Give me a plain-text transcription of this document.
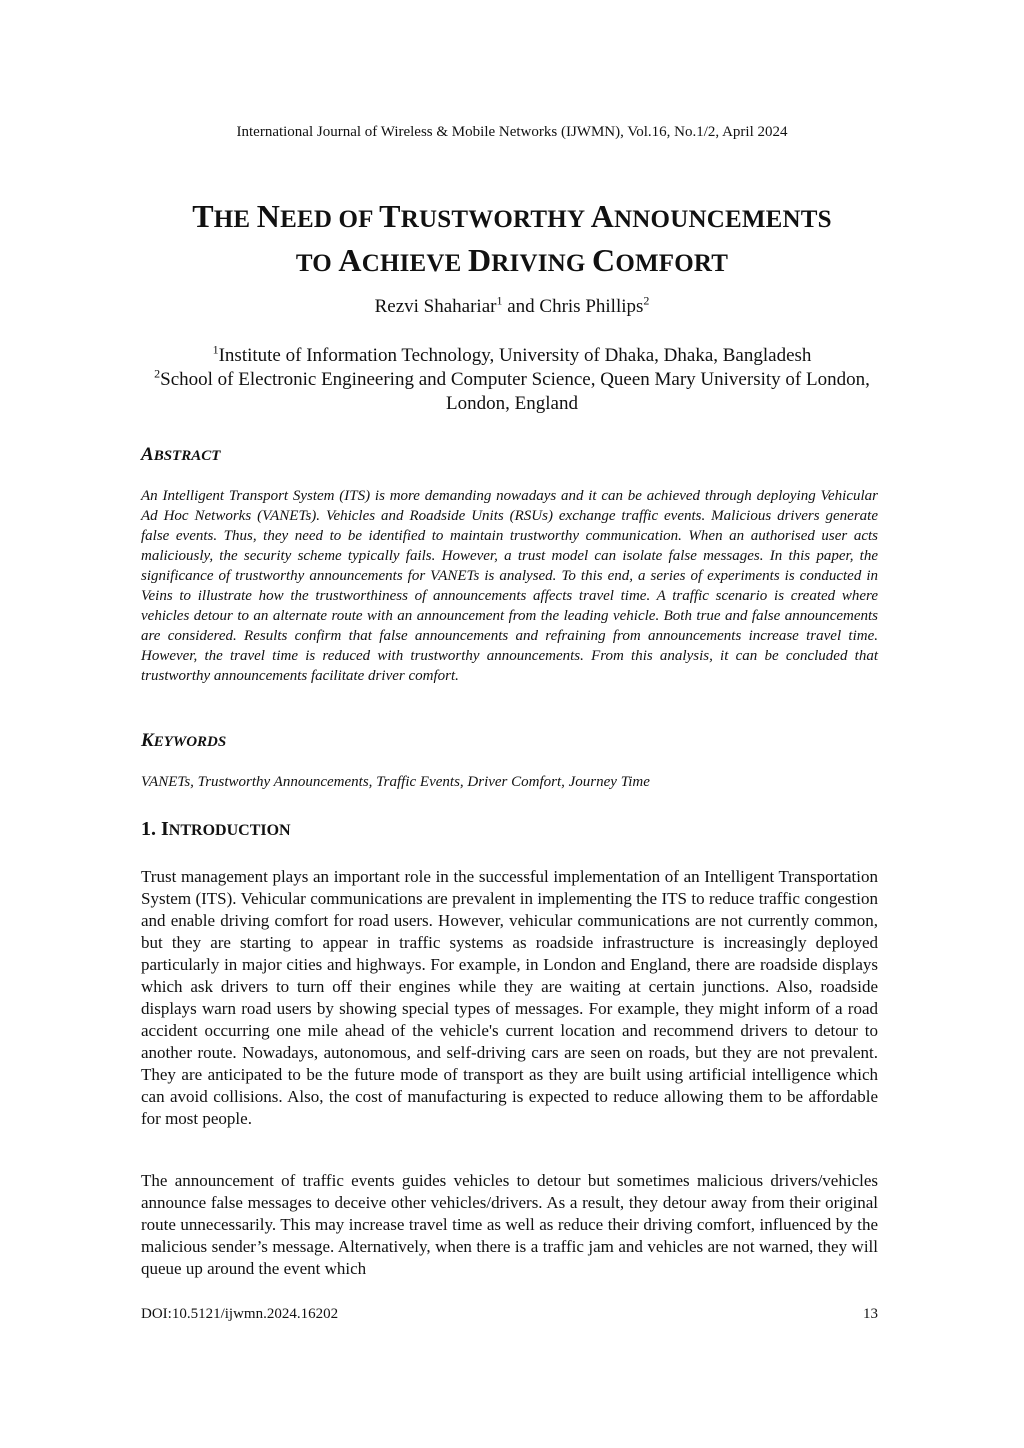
International Journal of Wireless & Mobile Networks (IJWMN), Vol.16, No.1/2, April 2024
THE NEED OF TRUSTWORTHY ANNOUNCEMENTS
TO ACHIEVE DRIVING COMFORT
Rezvi Shahariar$^1$ and Chris Phillips$^2$
$^1$Institute of Information Technology, University of Dhaka, Dhaka, Bangladesh
$^2$School of Electronic Engineering and Computer Science, Queen Mary University of London, London, England
ABSTRACT
An Intelligent Transport System (ITS) is more demanding nowadays and it can be achieved through deploying Vehicular Ad Hoc Networks (VANETs). Vehicles and Roadside Units (RSUs) exchange traffic events. Malicious drivers generate false events. Thus, they need to be identified to maintain trustworthy communication. When an authorised user acts maliciously, the security scheme typically fails. However, a trust model can isolate false messages. In this paper, the significance of trustworthy announcements for VANETs is analysed. To this end, a series of experiments is conducted in Veins to illustrate how the trustworthiness of announcements affects travel time. A traffic scenario is created where vehicles detour to an alternate route with an announcement from the leading vehicle. Both true and false announcements are considered. Results confirm that false announcements and refraining from announcements increase travel time. However, the travel time is reduced with trustworthy announcements. From this analysis, it can be concluded that trustworthy announcements facilitate driver comfort.
KEYWORDS
VANETs, Trustworthy Announcements, Traffic Events, Driver Comfort, Journey Time
1. INTRODUCTION
Trust management plays an important role in the successful implementation of an Intelligent Transportation System (ITS). Vehicular communications are prevalent in implementing the ITS to reduce traffic congestion and enable driving comfort for road users. However, vehicular communications are not currently common, but they are starting to appear in traffic systems as roadside infrastructure is increasingly deployed particularly in major cities and highways. For example, in London and England, there are roadside displays which ask drivers to turn off their engines while they are waiting at certain junctions. Also, roadside displays warn road users by showing special types of messages. For example, they might inform of a road accident occurring one mile ahead of the vehicle's current location and recommend drivers to detour to another route. Nowadays, autonomous, and self-driving cars are seen on roads, but they are not prevalent. They are anticipated to be the future mode of transport as they are built using artificial intelligence which can avoid collisions. Also, the cost of manufacturing is expected to reduce allowing them to be affordable for most people.
The announcement of traffic events guides vehicles to detour but sometimes malicious drivers/vehicles announce false messages to deceive other vehicles/drivers. As a result, they detour away from their original route unnecessarily. This may increase travel time as well as reduce their driving comfort, influenced by the malicious sender’s message. Alternatively, when there is a traffic jam and vehicles are not warned, they will queue up around the event which
DOI:10.5121/ijwmn.2024.16202	13
